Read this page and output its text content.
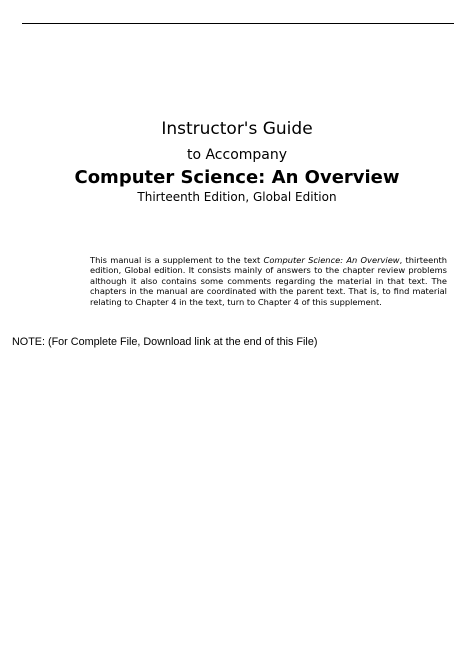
Instructor's Guide
to Accompany
Computer Science: An Overview
Thirteenth Edition, Global Edition
This manual is a supplement to the text Computer Science: An Overview, thirteenth edition, Global edition. It consists mainly of answers to the chapter review problems although it also contains some comments regarding the material in that text. The chapters in the manual are coordinated with the parent text. That is, to find material relating to Chapter 4 in the text, turn to Chapter 4 of this supplement.
NOTE: (For Complete File, Download link at the end of this File)
